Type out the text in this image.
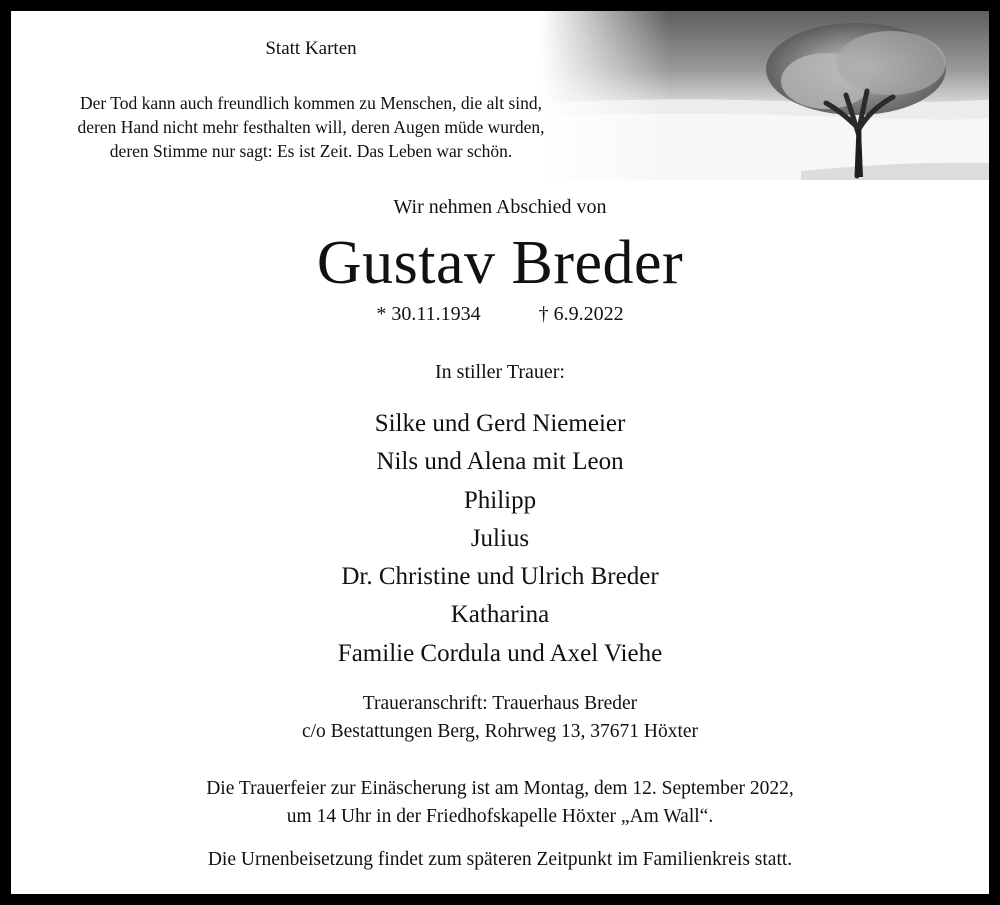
Statt Karten
Der Tod kann auch freundlich kommen zu Menschen, die alt sind,
deren Hand nicht mehr festhalten will, deren Augen müde wurden,
deren Stimme nur sagt: Es ist Zeit. Das Leben war schön.
Wir nehmen Abschied von
Gustav Breder
* 30.11.1934	† 6.9.2022
In stiller Trauer:
Silke und Gerd Niemeier
Nils und Alena mit Leon
Philipp
Julius
Dr. Christine und Ulrich Breder
Katharina
Familie Cordula und Axel Viehe
Traueranschrift: Trauerhaus Breder
c/o Bestattungen Berg, Rohrweg 13, 37671 Höxter
Die Trauerfeier zur Einäscherung ist am Montag, dem 12. September 2022,
um 14 Uhr in der Friedhofskapelle Höxter „Am Wall“.
Die Urnenbeisetzung findet zum späteren Zeitpunkt im Familienkreis statt.
